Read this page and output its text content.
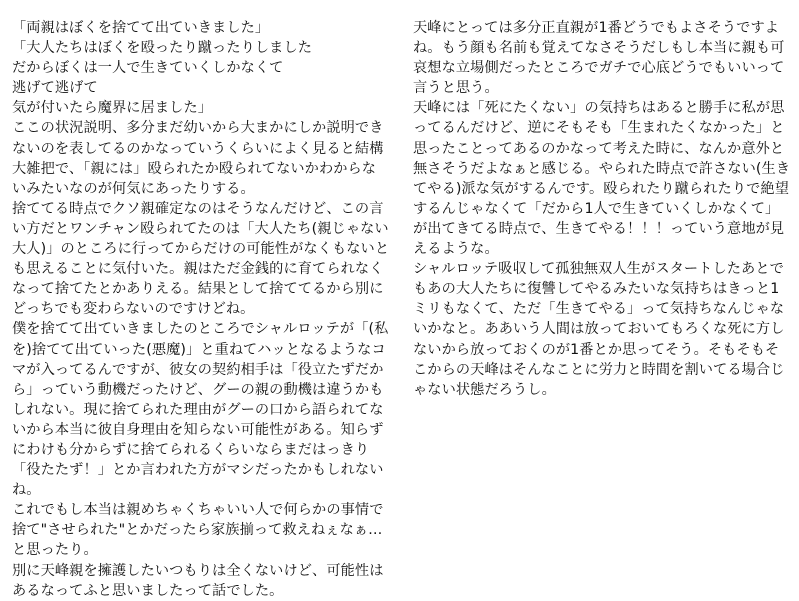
「両親はぼくを捨てて出ていきました」
「大人たちはぼくを殴ったり蹴ったりしました
だからぼくは一人で生きていくしかなくて
逃げて逃げて
気が付いたら魔界に居ました」
ここの状況説明、多分まだ幼いから大まかにしか説明でき
ないのを表してるのかなっていうくらいによく見ると結構
大雑把で、「親には」殴られたか殴られてないかわからな
いみたいなのが何気にあったりする。
捨ててる時点でクソ親確定なのはそうなんだけど、この言
い方だとワンチャン殴られてたのは「大人たち(親じゃない
大人)」のところに行ってからだけの可能性がなくもないと
も思えることに気付いた。親はただ金銭的に育てられなく
なって捨てたとかありえる。結果として捨ててるから別に
どっちでも変わらないのですけどね。
僕を捨てて出ていきましたのところでシャルロッテが「(私
を)捨てて出ていった(悪魔)」と重ねてハッとなるようなコ
マが入ってるんですが、彼女の契約相手は「役立たずだか
ら」っていう動機だったけど、グーの親の動機は違うかも
しれない。現に捨てられた理由がグーの口から語られてな
いから本当に彼自身理由を知らない可能性がある。知らず
にわけも分からずに捨てられるくらいならまだはっきり
「役たたず！」とか言われた方がマシだったかもしれない
ね。
これでもし本当は親めちゃくちゃいい人で何らかの事情で
捨て"させられた"とかだったら家族揃って救えねぇなぁ…
と思ったり。
別に天峰親を擁護したいつもりは全くないけど、可能性は
あるなってふと思いましたって話でした。
天峰にとっては多分正直親が1番どうでもよさそうですよ
ね。もう顔も名前も覚えてなさそうだしもし本当に親も可
哀想な立場側だったところでガチで心底どうでもいいって
言うと思う。
天峰には「死にたくない」の気持ちはあると勝手に私が思
ってるんだけど、逆にそもそも「生まれたくなかった」と
思ったことってあるのかなって考えた時に、なんか意外と
無さそうだよなぁと感じる。やられた時点で許さない(生き
てやる)派な気がするんです。殴られたり蹴られたりで絶望
するんじゃなくて「だから1人で生きていくしかなくて」
が出てきてる時点で、生きてやる！！！っていう意地が見
えるような。
シャルロッテ吸収して孤独無双人生がスタートしたあとで
もあの大人たちに復讐してやるみたいな気持ちはきっと1
ミリもなくて、ただ「生きてやる」って気持ちなんじゃな
いかなと。ああいう人間は放っておいてもろくな死に方し
ないから放っておくのが1番とか思ってそう。そもそもそ
こからの天峰はそんなことに労力と時間を割いてる場合じ
ゃない状態だろうし。
